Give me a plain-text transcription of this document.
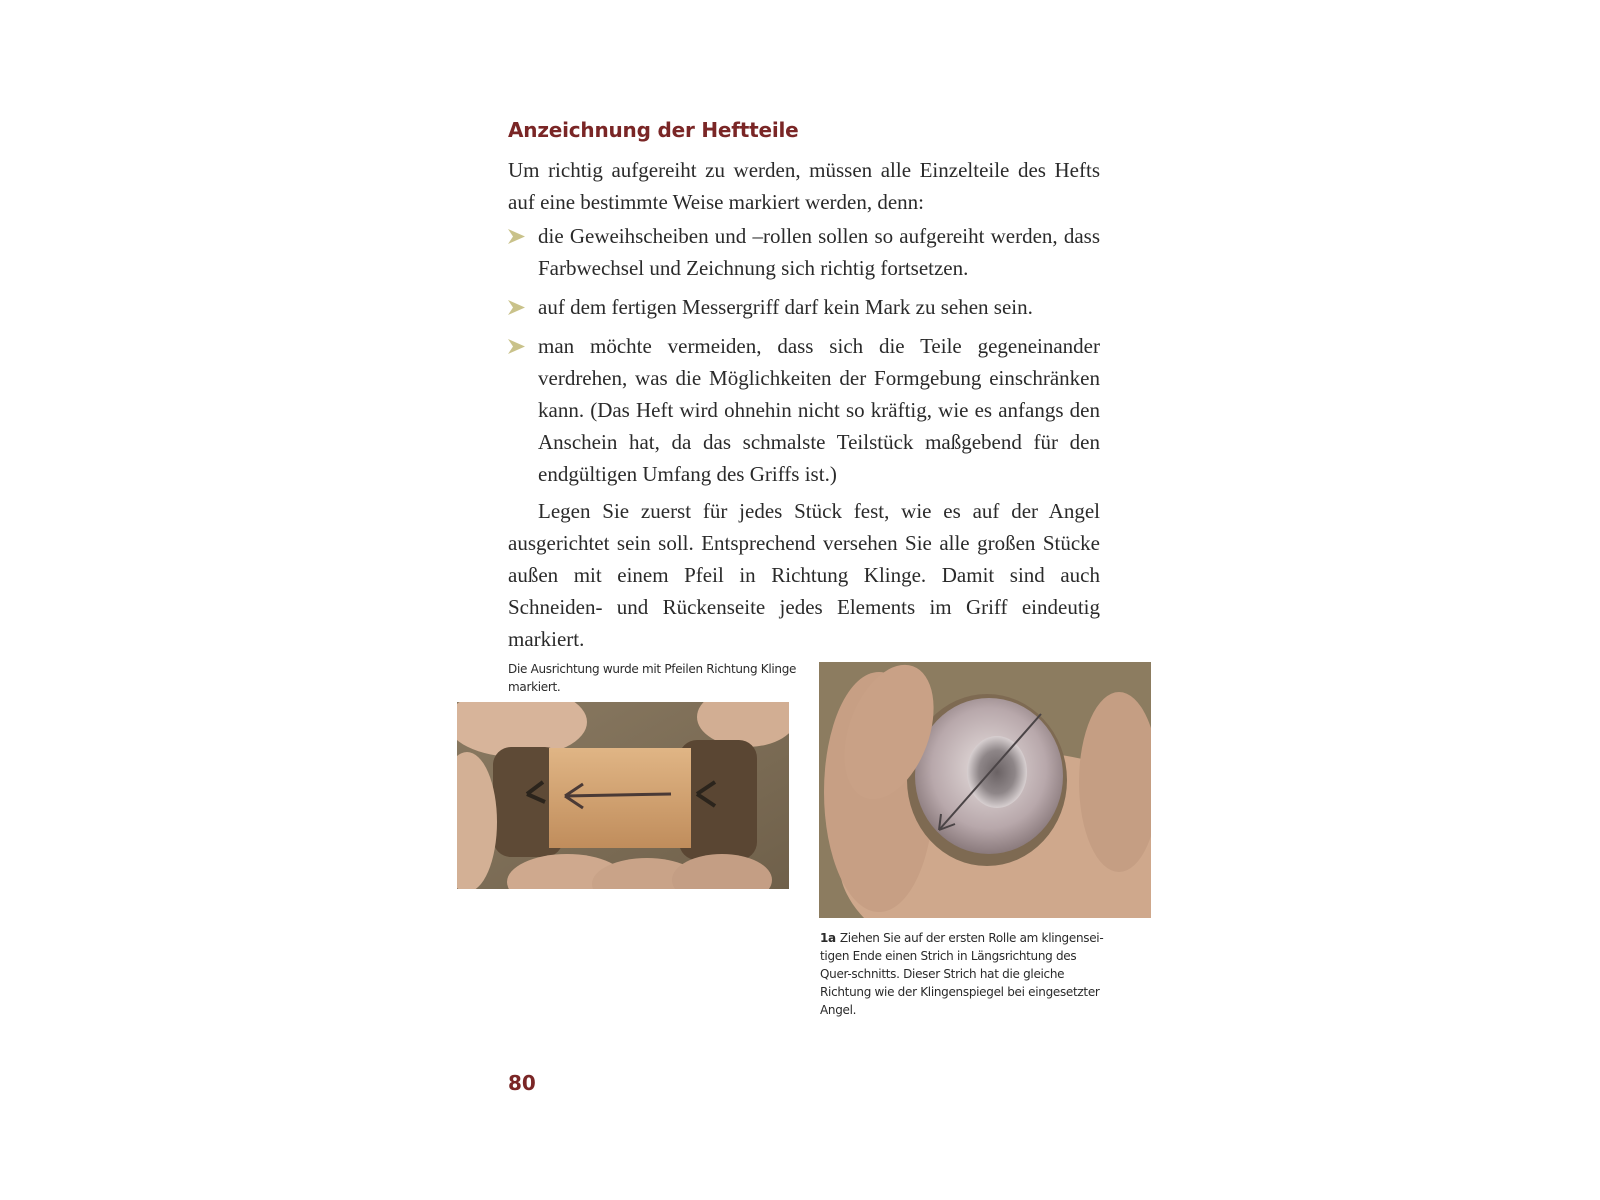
Anzeichnung der Heftteile

Um richtig aufgereiht zu werden, müssen alle Einzelteile des Hefts auf eine bestimmte Weise markiert werden, denn:

die Geweihscheiben und –rollen sollen so aufgereiht werden, dass Farbwechsel und Zeichnung sich richtig fortsetzen.
auf dem fertigen Messergriff darf kein Mark zu sehen sein.
man möchte vermeiden, dass sich die Teile gegeneinander verdrehen, was die Möglichkeiten der Formgebung einschränken kann. (Das Heft wird ohnehin nicht so kräftig, wie es anfangs den Anschein hat, da das schmalste Teilstück maßgebend für den endgültigen Umfang des Griffs ist.)

Legen Sie zuerst für jedes Stück fest, wie es auf der Angel ausgerichtet sein soll. Entsprechend versehen Sie alle großen Stücke außen mit einem Pfeil in Richtung Klinge. Damit sind auch Schneiden- und Rückenseite jedes Elements im Griff eindeutig markiert.

Die Ausrichtung wurde mit Pfeilen Richtung Klinge markiert.
1a Ziehen Sie auf der ersten Rolle am klingensei-tigen Ende einen Strich in Längsrichtung des Quer-schnitts. Dieser Strich hat die gleiche Richtung wie der Klingenspiegel bei eingesetzter Angel.
80
